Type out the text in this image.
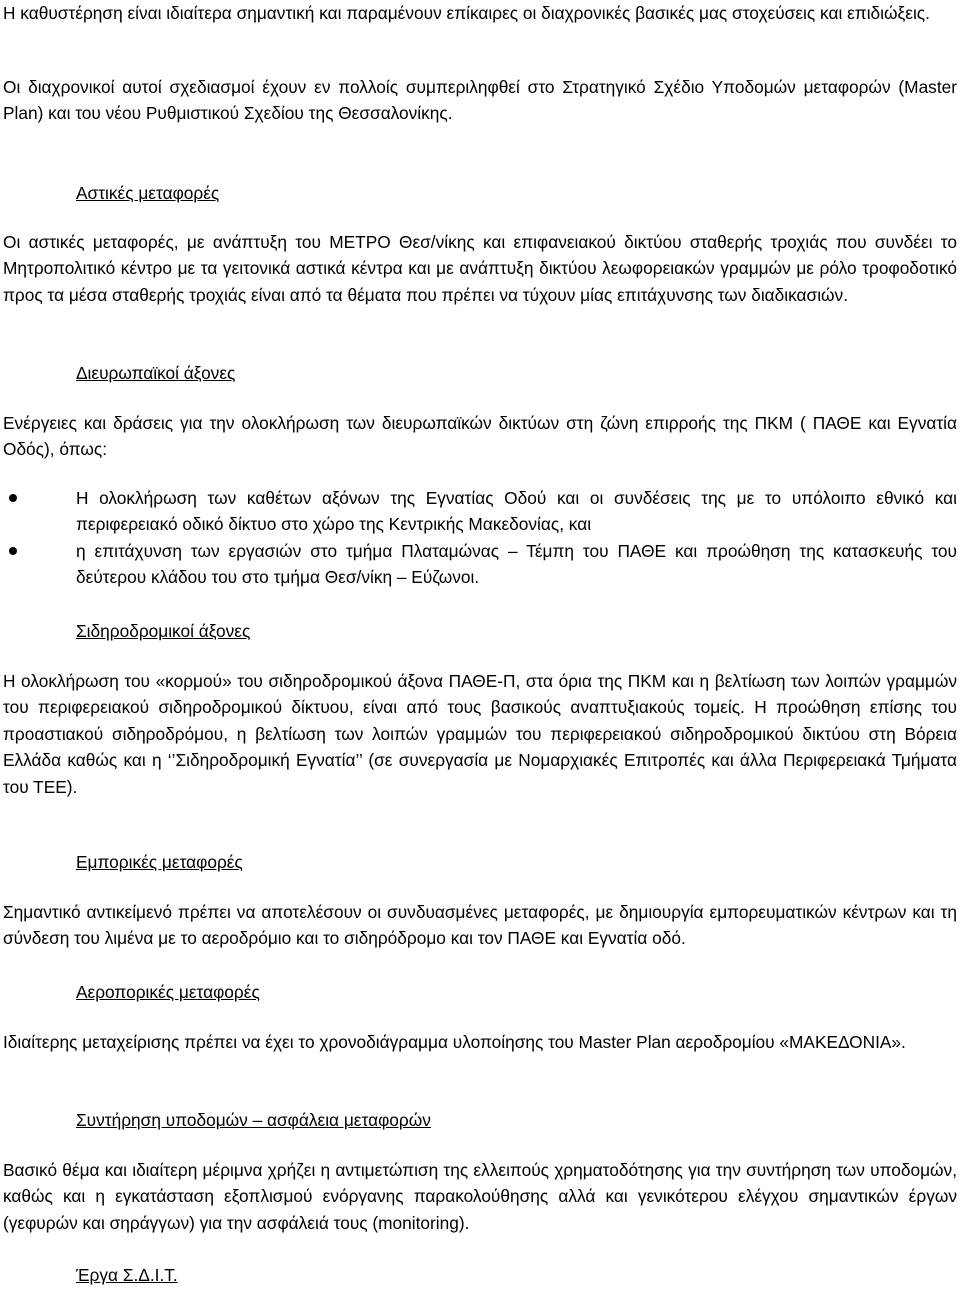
Η καθυστέρηση είναι ιδιαίτερα σημαντική και παραμένουν επίκαιρες οι διαχρονικές βασικές μας στοχεύσεις και επιδιώξεις.

Οι διαχρονικοί αυτοί σχεδιασμοί έχουν εν πολλοίς συμπεριληφθεί στο Στρατηγικό Σχέδιο Υποδομών μεταφορών (Master Plan) και του νέου Ρυθμιστικού Σχεδίου της Θεσσαλονίκης.

Αστικές μεταφορές

Οι αστικές μεταφορές, με ανάπτυξη του ΜΕΤΡΟ Θεσ/νίκης και επιφανειακού δικτύου σταθερής τροχιάς που συνδέει το Μητροπολιτικό κέντρο με τα γειτονικά αστικά κέντρα και με ανάπτυξη δικτύου λεωφορειακών γραμμών με ρόλο τροφοδοτικό προς τα μέσα σταθερής τροχιάς είναι από τα θέματα που πρέπει να τύχουν μίας επιτάχυνσης των διαδικασιών.

Διευρωπαϊκοί άξονες

Ενέργειες και δράσεις για την ολοκλήρωση των διευρωπαϊκών δικτύων στη ζώνη επιρροής της ΠΚΜ ( ΠΑΘΕ και Εγνατία Οδός), όπως:

Η ολοκλήρωση των καθέτων αξόνων της Εγνατίας Οδού και οι συνδέσεις της με το υπόλοιπο εθνικό και περιφερειακό οδικό δίκτυο στο χώρο της Κεντρικής Μακεδονίας, και
η επιτάχυνση των εργασιών στο τμήμα Πλαταμώνας – Τέμπη του ΠΑΘΕ και προώθηση της κατασκευής του δεύτερου κλάδου του στο τμήμα Θεσ/νίκη – Εύζωνοι.
Σιδηροδρομικοί άξονες

Η ολοκλήρωση του «κορμού» του σιδηροδρομικού άξονα ΠΑΘΕ-Π, στα όρια της ΠΚΜ και η βελτίωση των λοιπών γραμμών του περιφερειακού σιδηροδρομικού δίκτυου, είναι από τους βασικούς αναπτυξιακούς τομείς. Η προώθηση επίσης του προαστιακού σιδηροδρόμου, η βελτίωση των λοιπών γραμμών του περιφερειακού σιδηροδρομικού δικτύου στη Βόρεια Ελλάδα καθώς και η ‘’Σιδηροδρομική Εγνατία’’ (σε συνεργασία με Νομαρχιακές Επιτροπές και άλλα Περιφερειακά Τμήματα του ΤΕΕ).

Εμπορικές μεταφορές

Σημαντικό αντικείμενό πρέπει να αποτελέσουν οι συνδυασμένες μεταφορές, με δημιουργία εμπορευματικών κέντρων και τη σύνδεση του λιμένα με το αεροδρόμιο και το σιδηρόδρομο και τον ΠΑΘΕ και Εγνατία οδό.

Αεροπορικές μεταφορές

Ιδιαίτερης μεταχείρισης πρέπει να έχει το χρονοδιάγραμμα υλοποίησης του Master Plan αεροδρομίου «ΜΑΚΕΔΟΝΙΑ».

Συντήρηση υποδομών – ασφάλεια μεταφορών

Βασικό θέμα και ιδιαίτερη μέριμνα χρήζει η αντιμετώπιση της ελλειπούς χρηματοδότησης για την συντήρηση των υποδομών, καθώς και η εγκατάσταση εξοπλισμού ενόργανης παρακολούθησης αλλά και γενικότερου ελέγχου σημαντικών έργων (γεφυρών και σηράγγων) για την ασφάλειά τους (monitoring).

Έργα Σ.Δ.Ι.Τ.
